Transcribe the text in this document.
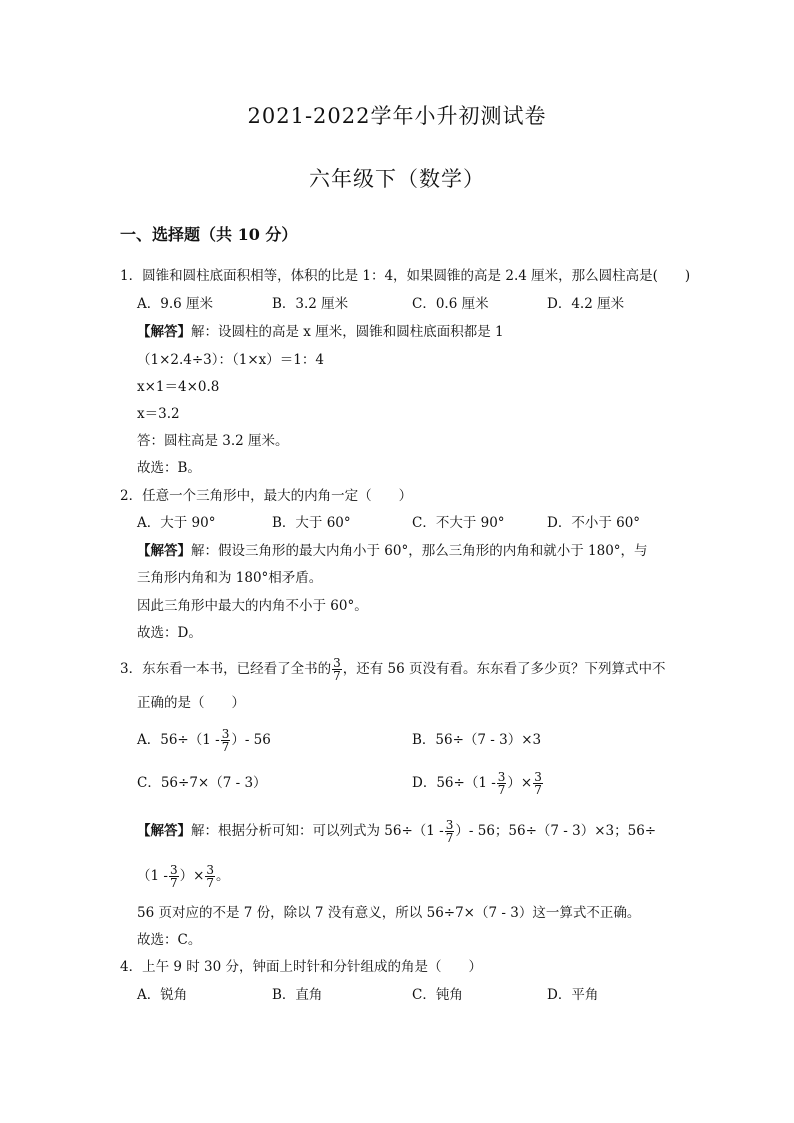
2021-2022学年小升初测试卷
六年级下（数学）
一、选择题（共 10 分）
1．圆锥和圆柱底面积相等，体积的比是 1：4，如果圆锥的高是 2.4 厘米，那么圆柱高是(　　)
A．9.6 厘米	B．3.2 厘米	C．0.6 厘米	D．4.2 厘米
【解答】解：设圆柱的高是 x 厘米，圆锥和圆柱底面积都是 1
（1×2.4÷3）：（1×x）＝1：4
x×1＝4×0.8
x＝3.2
答：圆柱高是 3.2 厘米。
故选：B。
2．任意一个三角形中，最大的内角一定（　　）
A．大于 90°	B．大于 60°	C．不大于 90°	D．不小于 60°
【解答】解：假设三角形的最大内角小于 60°，那么三角形的内角和就小于 180°，与
三角形内角和为 180°相矛盾。
因此三角形中最大的内角不小于 60°。
故选：D。
3．东东看一本书，已经看了全书的 $\frac{3}{7}$ ，还有 56 页没有看。东东看了多少页？下列算式中不
正确的是（　　）
A．$56\div(1 - \frac{3}{7}$ ）- 56	B．56÷（7 - 3）×3
C．56÷7×（7 - 3）	D．$56\div(1 - \frac{3}{7}$ ）× $\frac{3}{7}$
【解答】解：根据分析可知：可以列式为 $56\div(1 - \frac{3}{7}$ ）- 56；56÷（7 - 3）×3；56÷
（$1 - \frac{3}{7}$ ）× $\frac{3}{7}$ 。
56 页对应的不是 7 份，除以 7 没有意义，所以 56÷7×（7 - 3）这一算式不正确。
故选：C。
4．上午 9 时 30 分，钟面上时针和分针组成的角是（　　）
A．锐角	B．直角	C．钝角	D．平角
